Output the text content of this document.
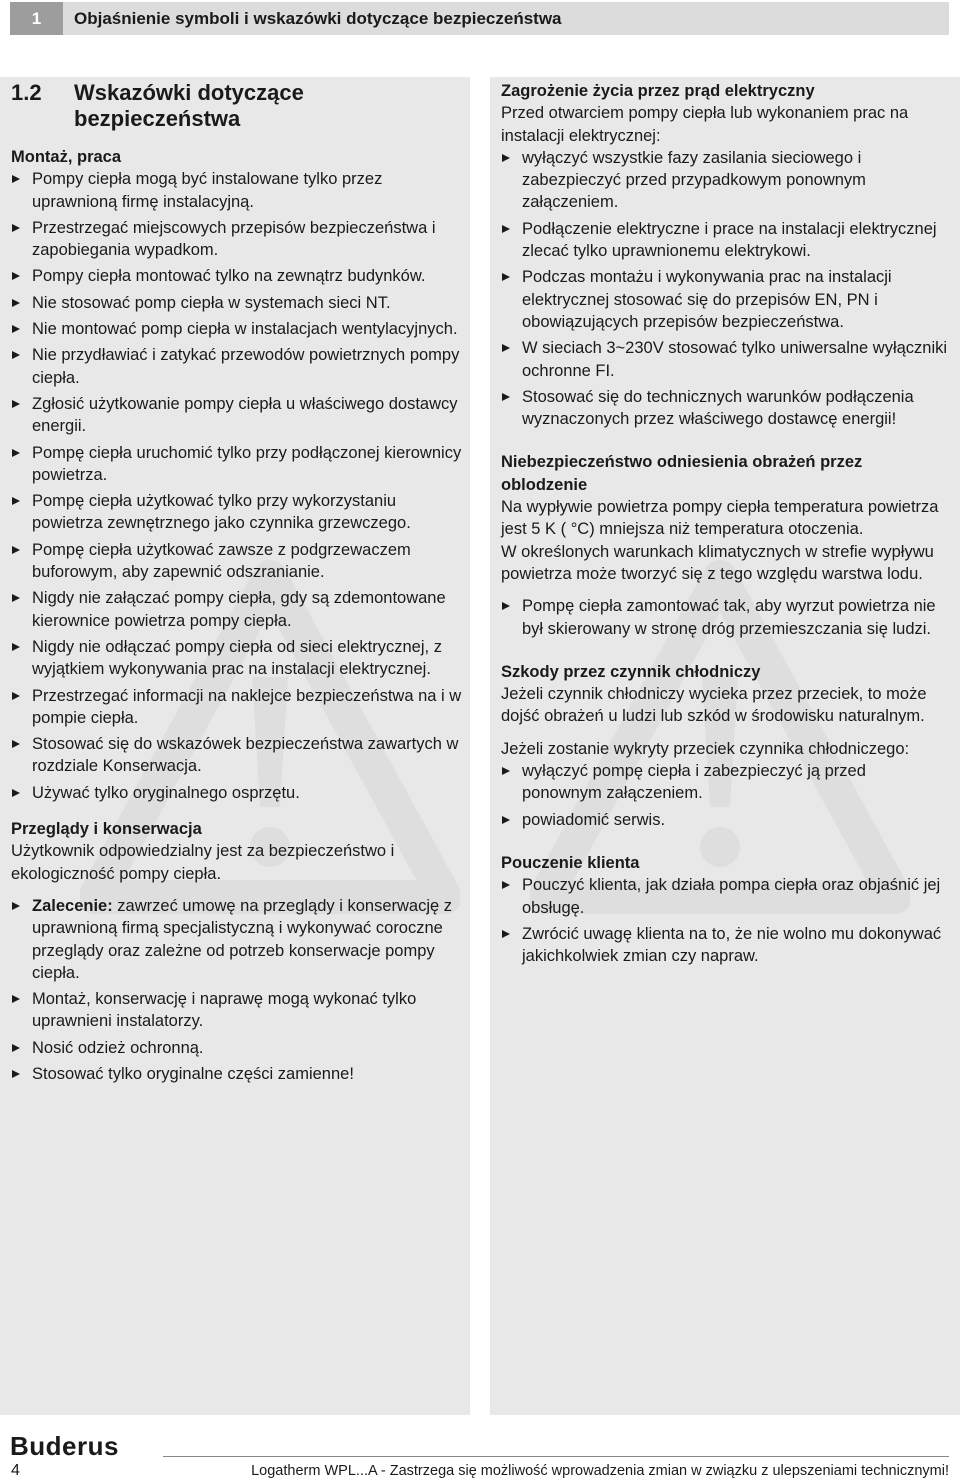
1	Objaśnienie symboli i wskazówki dotyczące bezpieczeństwa
1.2	Wskazówki dotyczące
bezpieczeństwa
Montaż, praca
Pompy ciepła mogą być instalowane tylko przez uprawnioną firmę instalacyjną.
Przestrzegać miejscowych przepisów bezpieczeństwa i zapobiegania wypadkom.
Pompy ciepła montować tylko na zewnątrz budynków.
Nie stosować pomp ciepła w systemach sieci NT.
Nie montować pomp ciepła w instalacjach wentylacyjnych.
Nie przydławiać i zatykać przewodów powietrznych pompy ciepła.
Zgłosić użytkowanie pompy ciepła u właściwego dostawcy energii.
Pompę ciepła uruchomić tylko przy podłączonej kierownicy powietrza.
Pompę ciepła użytkować tylko przy wykorzystaniu powietrza zewnętrznego jako czynnika grzewczego.
Pompę ciepła użytkować zawsze z podgrzewaczem buforowym, aby zapewnić odszranianie.
Nigdy nie załączać pompy ciepła, gdy są zdemontowane kierownice powietrza pompy ciepła.
Nigdy nie odłączać pompy ciepła od sieci elektrycznej, z wyjątkiem wykonywania prac na instalacji elektrycznej.
Przestrzegać informacji na naklejce bezpieczeństwa na i w pompie ciepła.
Stosować się do wskazówek bezpieczeństwa zawartych w rozdziale Konserwacja.
Używać tylko oryginalnego osprzętu.
Przeglądy i konserwacja

Użytkownik odpowiedzialny jest za bezpieczeństwo i ekologiczność pompy ciepła.

Zalecenie: zawrzeć umowę na przeglądy i konserwację z uprawnioną firmą specjalistyczną i wykonywać coroczne przeglądy oraz zależne od potrzeb konserwacje pompy ciepła.
Montaż, konserwację i naprawę mogą wykonać tylko uprawnieni instalatorzy.
Nosić odzież ochronną.
Stosować tylko oryginalne części zamienne!
Zagrożenie życia przez prąd elektryczny

Przed otwarciem pompy ciepła lub wykonaniem prac na instalacji elektrycznej:

wyłączyć wszystkie fazy zasilania sieciowego i zabezpieczyć przed przypadkowym ponownym załączeniem.
Podłączenie elektryczne i prace na instalacji elektrycznej zlecać tylko uprawnionemu elektrykowi.
Podczas montażu i wykonywania prac na instalacji elektrycznej stosować się do przepisów EN, PN i obowiązujących przepisów bezpieczeństwa.
W sieciach 3~230V stosować tylko uniwersalne wyłączniki ochronne FI.
Stosować się do technicznych warunków podłączenia wyznaczonych przez właściwego dostawcę energii!
Niebezpieczeństwo odniesienia obrażeń przez oblodzenie

Na wypływie powietrza pompy ciepła temperatura powietrza jest 5 K ( °C) mniejsza niż temperatura otoczenia.

W określonych warunkach klimatycznych w strefie wypływu powietrza może tworzyć się z tego względu warstwa lodu.

Pompę ciepła zamontować tak, aby wyrzut powietrza nie był skierowany w stronę dróg przemieszczania się ludzi.
Szkody przez czynnik chłodniczy

Jeżeli czynnik chłodniczy wycieka przez przeciek, to może dojść obrażeń u ludzi lub szkód w środowisku naturalnym.

Jeżeli zostanie wykryty przeciek czynnika chłodniczego:

wyłączyć pompę ciepła i zabezpieczyć ją przed ponownym załączeniem.
powiadomić serwis.
Pouczenie klienta
Pouczyć klienta, jak działa pompa ciepła oraz objaśnić jej obsługę.
Zwrócić uwagę klienta na to, że nie wolno mu dokonywać jakichkolwiek zmian czy napraw.
Buderus
4	Logatherm WPL...A - Zastrzega się możliwość wprowadzenia zmian w związku z ulepszeniami technicznymi!
